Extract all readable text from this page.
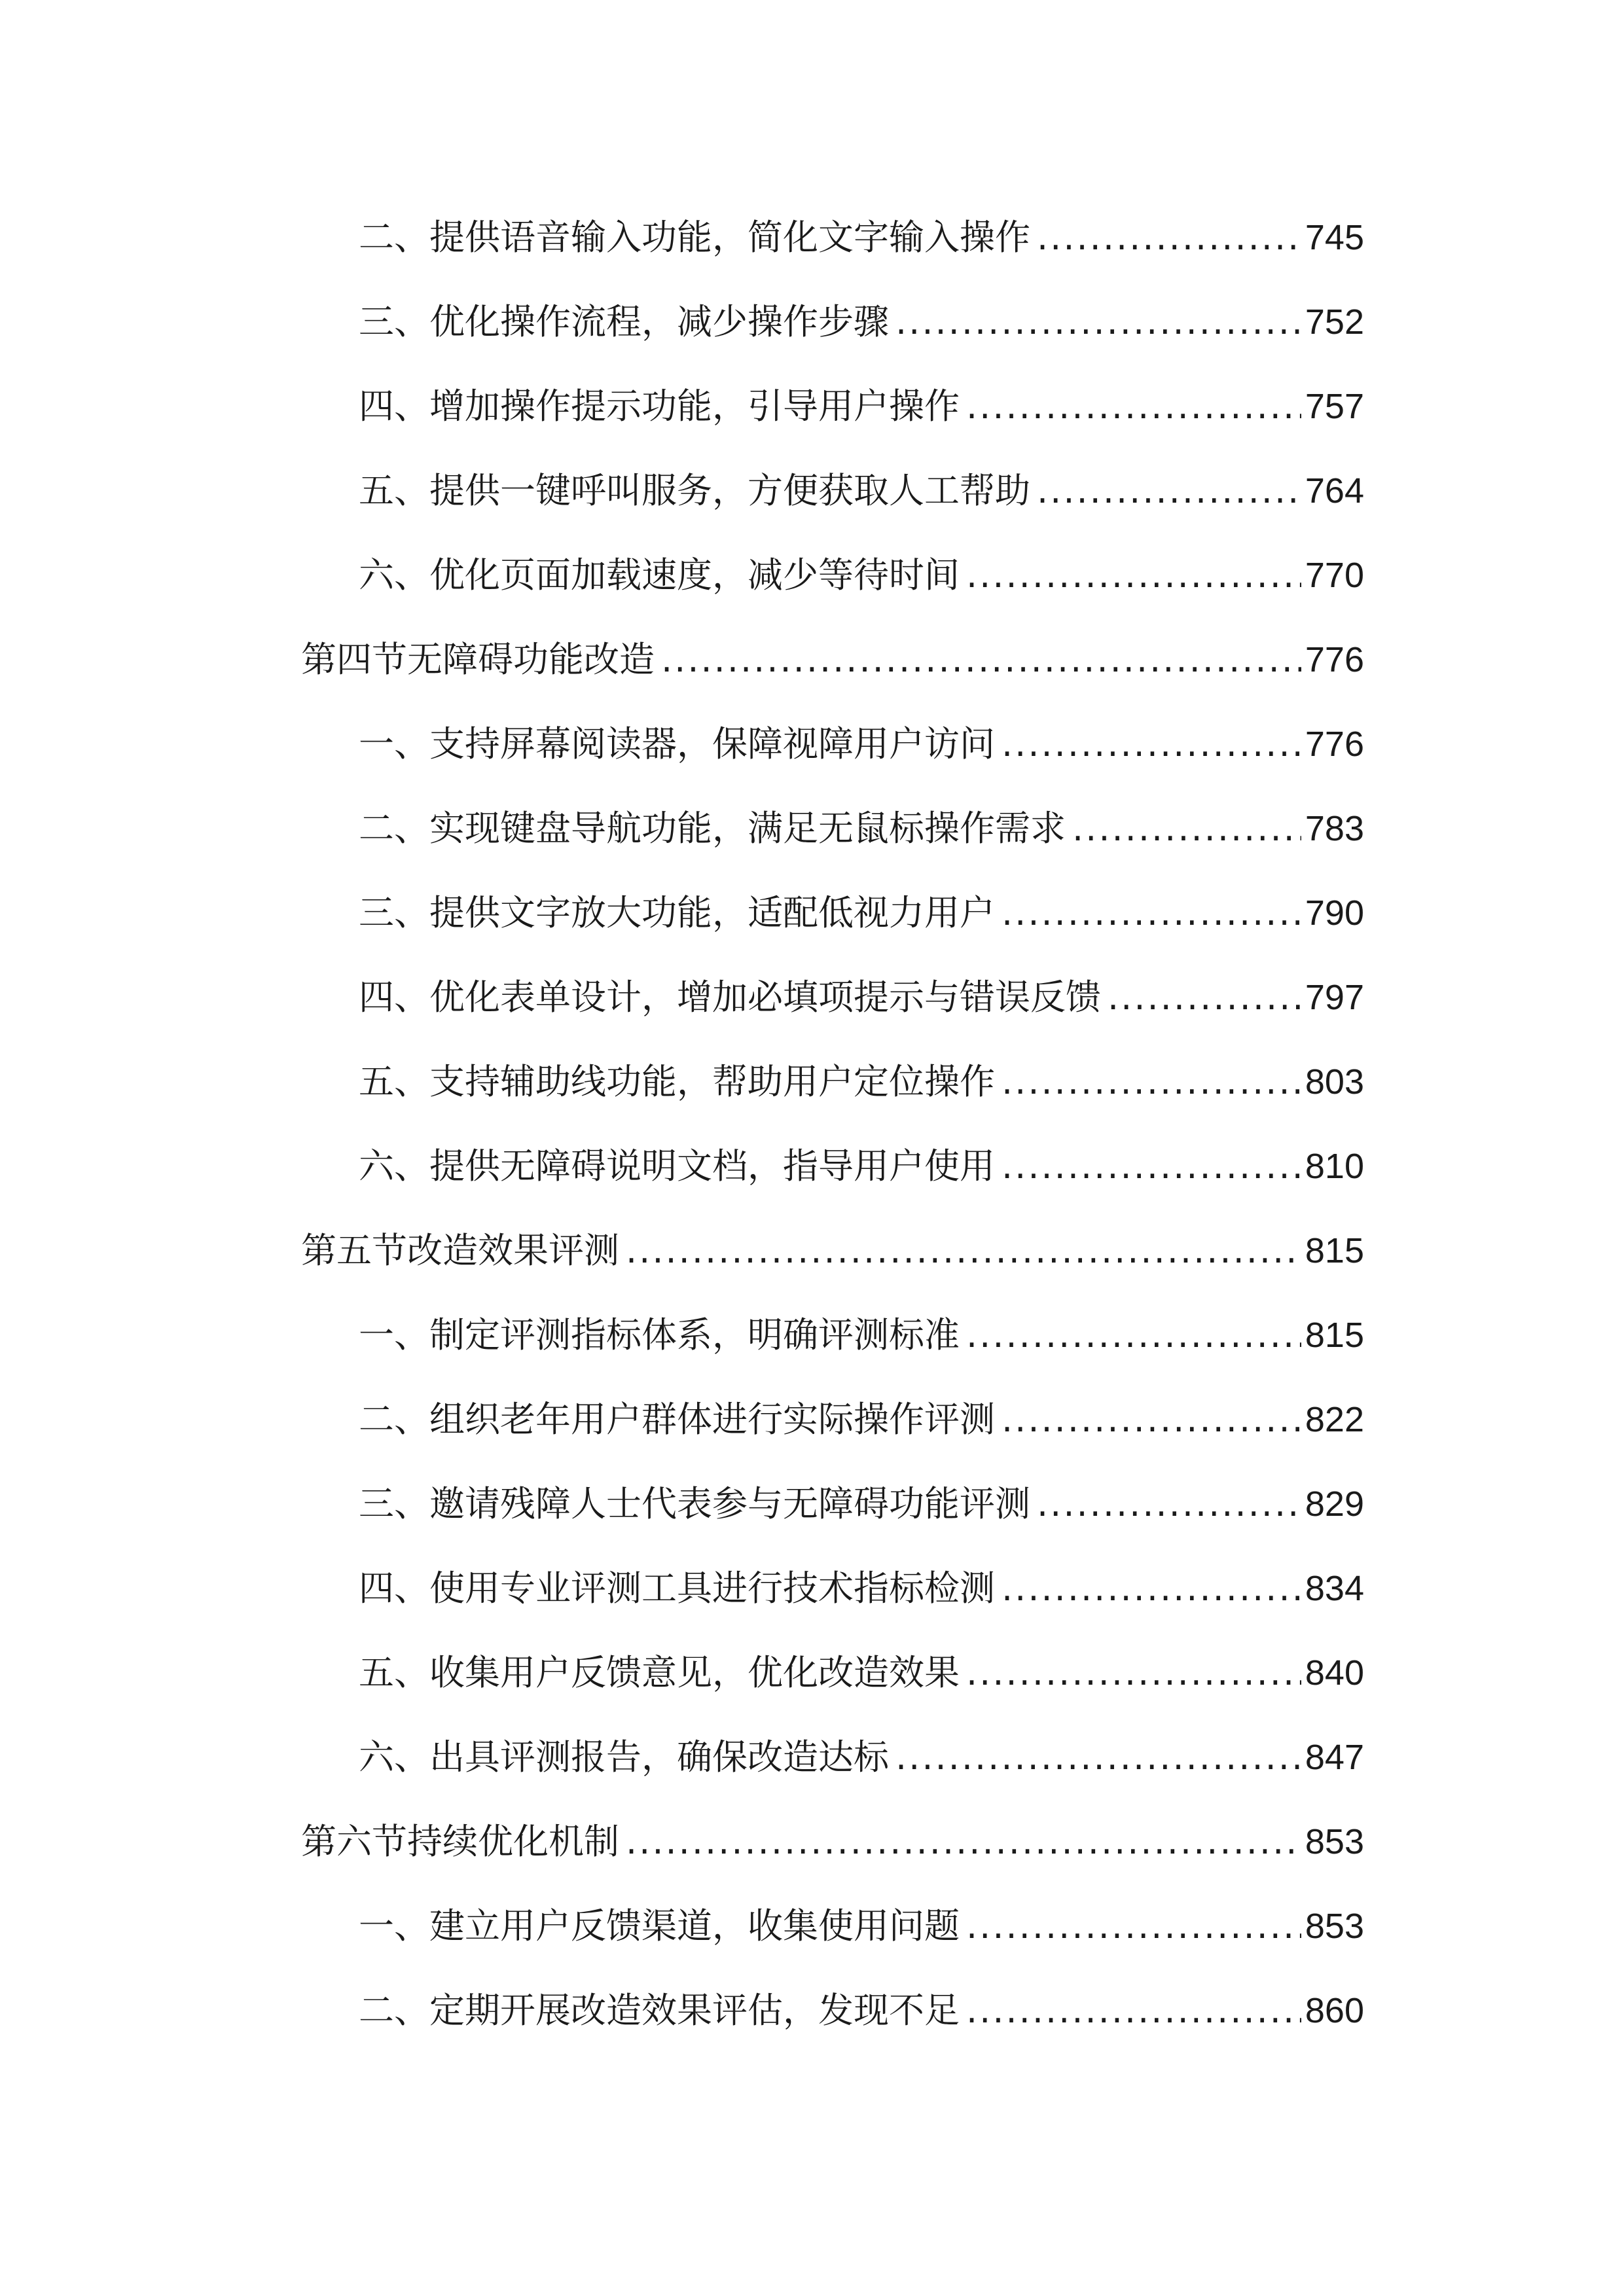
二、提供语音输入功能，简化文字输入操作 .....	745
三、优化操作流程，减少操作步骤 .....	752
四、增加操作提示功能，引导用户操作 .....	757
五、提供一键呼叫服务，方便获取人工帮助 .....	764
六、优化页面加载速度，减少等待时间 .....	770
第四节无障碍功能改造 .....	776
一、支持屏幕阅读器，保障视障用户访问 .....	776
二、实现键盘导航功能，满足无鼠标操作需求 .....	783
三、提供文字放大功能，适配低视力用户 .....	790
四、优化表单设计，增加必填项提示与错误反馈 .....	797
五、支持辅助线功能，帮助用户定位操作 .....	803
六、提供无障碍说明文档，指导用户使用 .....	810
第五节改造效果评测 .....	815
一、制定评测指标体系，明确评测标准 .....	815
二、组织老年用户群体进行实际操作评测 .....	822
三、邀请残障人士代表参与无障碍功能评测 .....	829
四、使用专业评测工具进行技术指标检测 .....	834
五、收集用户反馈意见，优化改造效果 .....	840
六、出具评测报告，确保改造达标 .....	847
第六节持续优化机制 .....	853
一、建立用户反馈渠道，收集使用问题 .....	853
二、定期开展改造效果评估，发现不足 .....	860
